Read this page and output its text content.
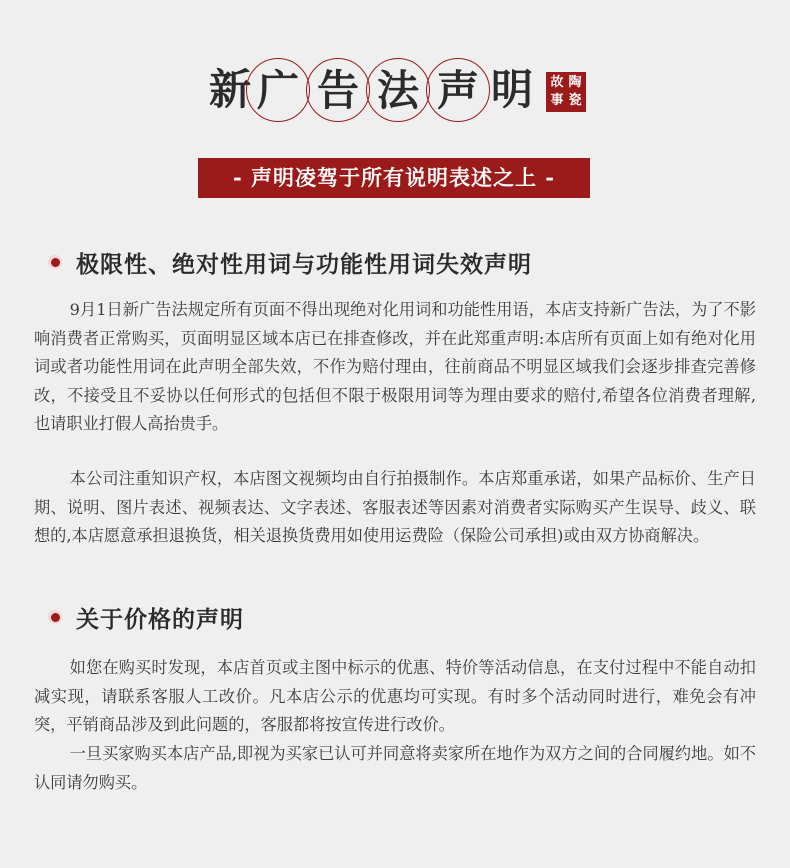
新 广 告 法 声 明	故 陶
事 瓷
- 声明凌驾于所有说明表述之上 -
极限性、绝对性用词与功能性用词失效声明

9月1日新广告法规定所有页面不得出现绝对化用词和功能性用语，本店支持新广告法，为了不影响消费者正常购买，页面明显区域本店已在排查修改，并在此郑重声明:本店所有页面上如有绝对化用词或者功能性用词在此声明全部失效，不作为赔付理由，往前商品不明显区域我们会逐步排查完善修改，不接受且不妥协以任何形式的包括但不限于极限用词等为理由要求的赔付,希望各位消费者理解,也请职业打假人高抬贵手。

本公司注重知识产权，本店图文视频均由自行拍摄制作。本店郑重承诺，如果产品标价、生产日期、说明、图片表述、视频表达、文字表述、客服表述等因素对消费者实际购买产生误导、歧义、联想的,本店愿意承担退换货，相关退换货费用如使用运费险（保险公司承担)或由双方协商解决。

关于价格的声明

如您在购买时发现，本店首页或主图中标示的优惠、特价等活动信息，在支付过程中不能自动扣减实现，请联系客服人工改价。凡本店公示的优惠均可实现。有时多个活动同时进行，难免会有冲突，平销商品涉及到此问题的，客服都将按宣传进行改价。

一旦买家购买本店产品,即视为买家已认可并同意将卖家所在地作为双方之间的合同履约地。如不认同请勿购买。
